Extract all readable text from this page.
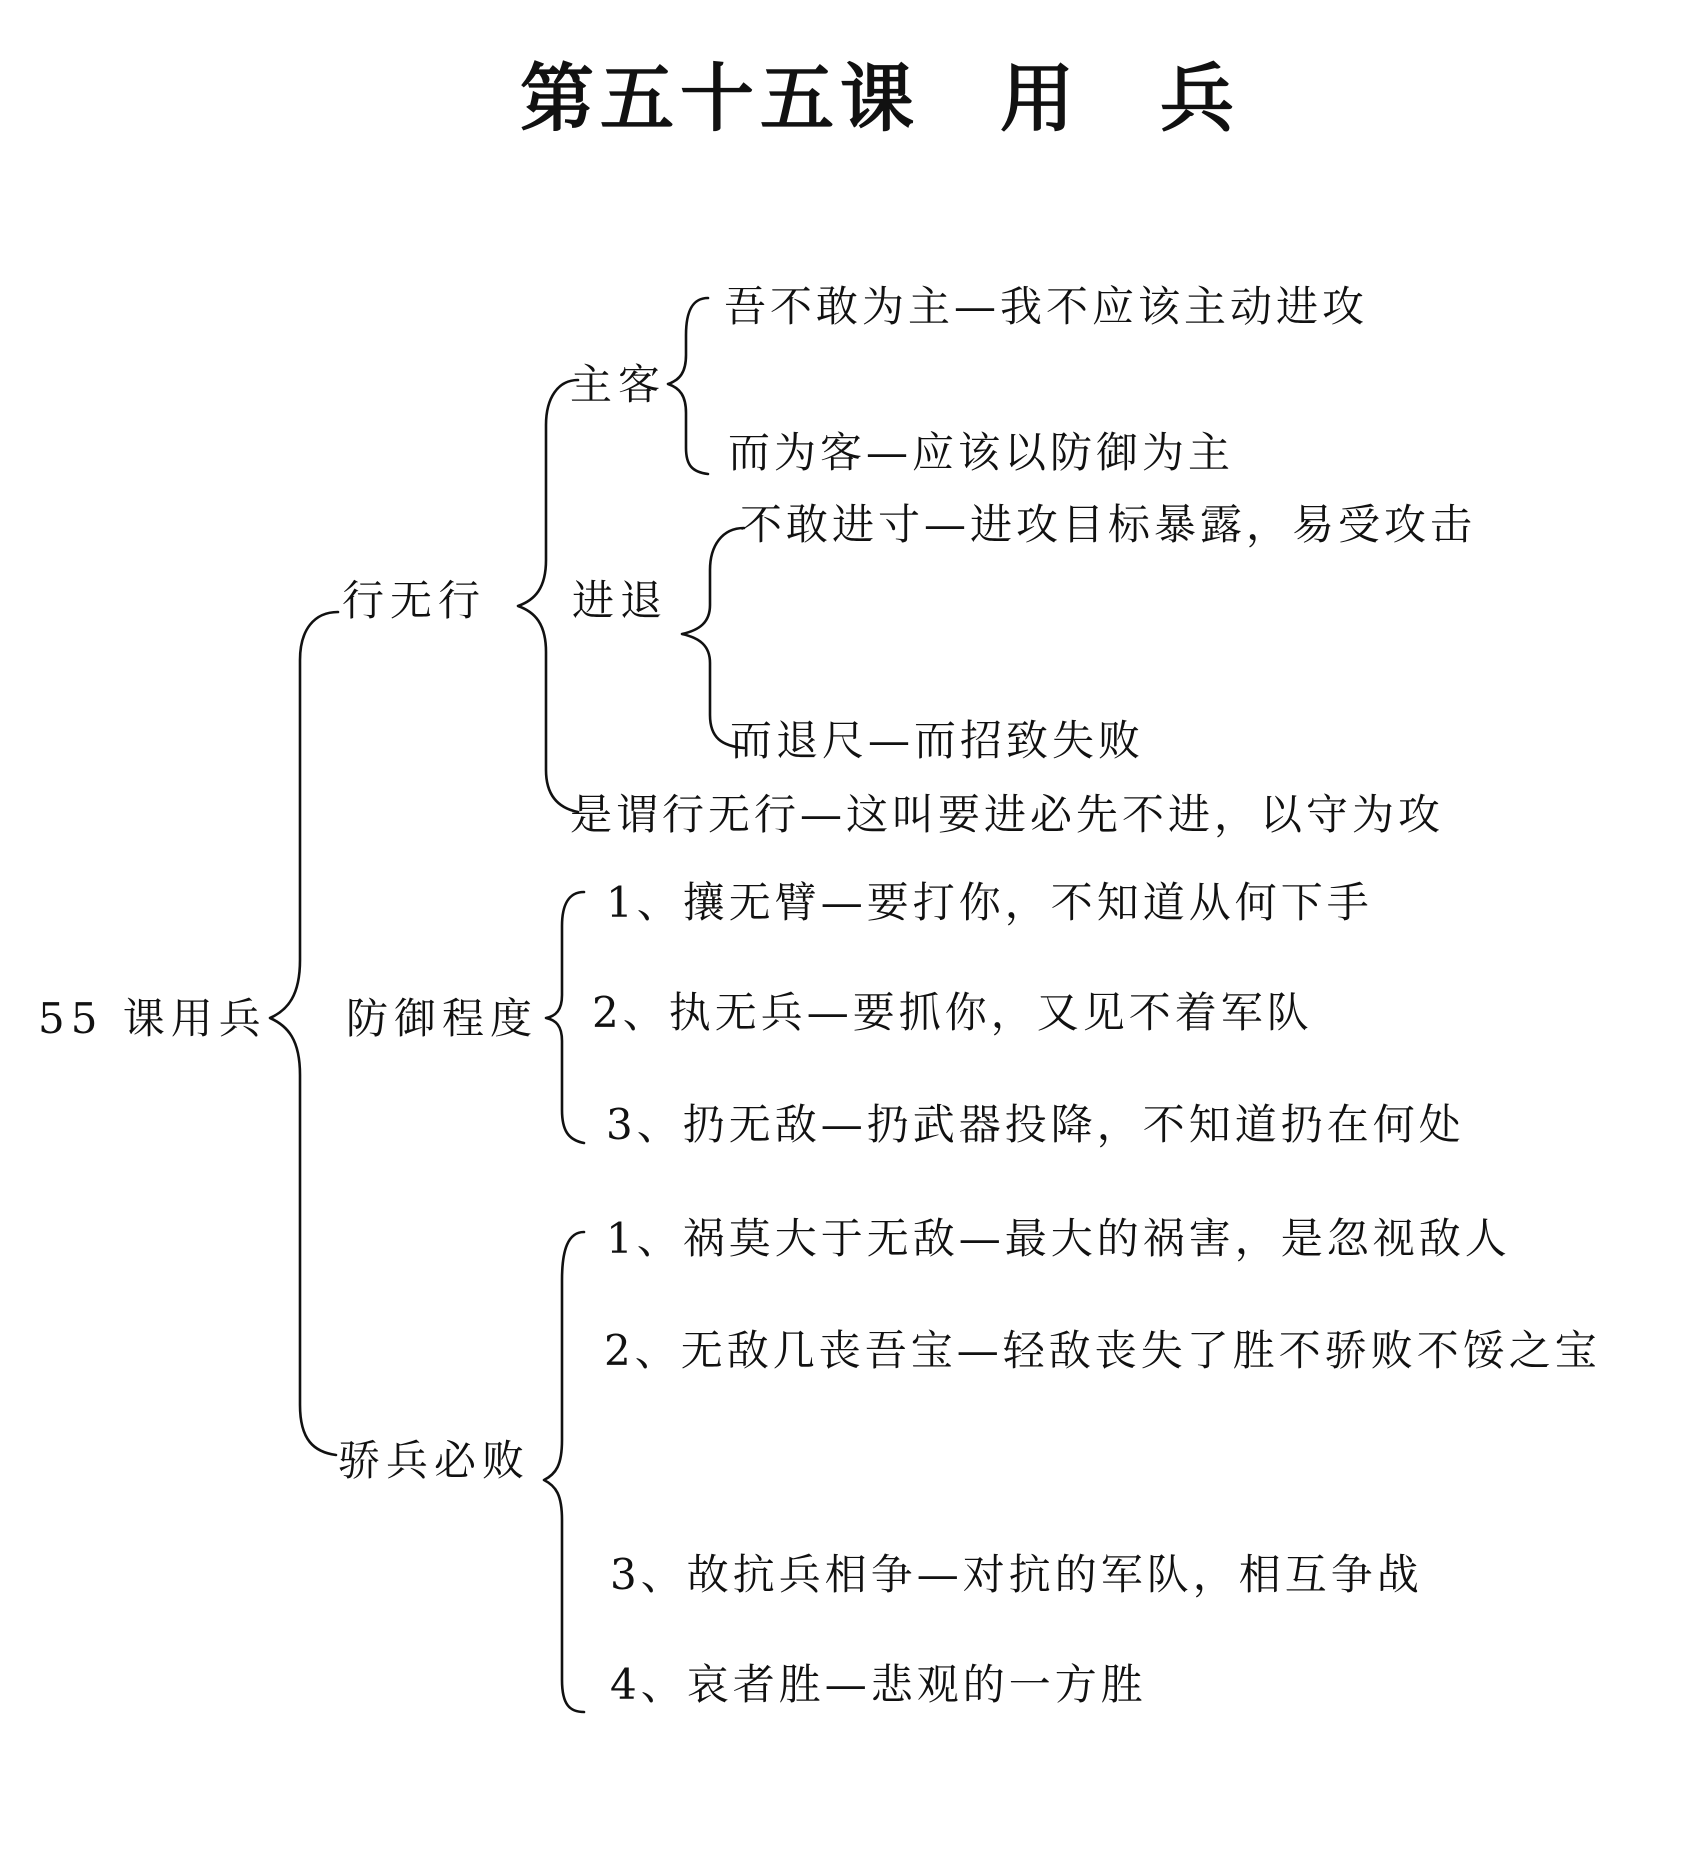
第五十五课　用　兵
55 课用兵
行无行
主客
吾不敢为主—我不应该主动进攻
而为客—应该以防御为主
进退
不敢进寸—进攻目标暴露，易受攻击
而退尺—而招致失败
是谓行无行—这叫要进必先不进，以守为攻
防御程度
1、攘无臂—要打你，不知道从何下手
2、执无兵—要抓你，又见不着军队
3、扔无敌—扔武器投降，不知道扔在何处
骄兵必败
1、祸莫大于无敌—最大的祸害，是忽视敌人
2、无敌几丧吾宝—轻敌丧失了胜不骄败不馁之宝
3、故抗兵相争—对抗的军队，相互争战
4、哀者胜—悲观的一方胜
